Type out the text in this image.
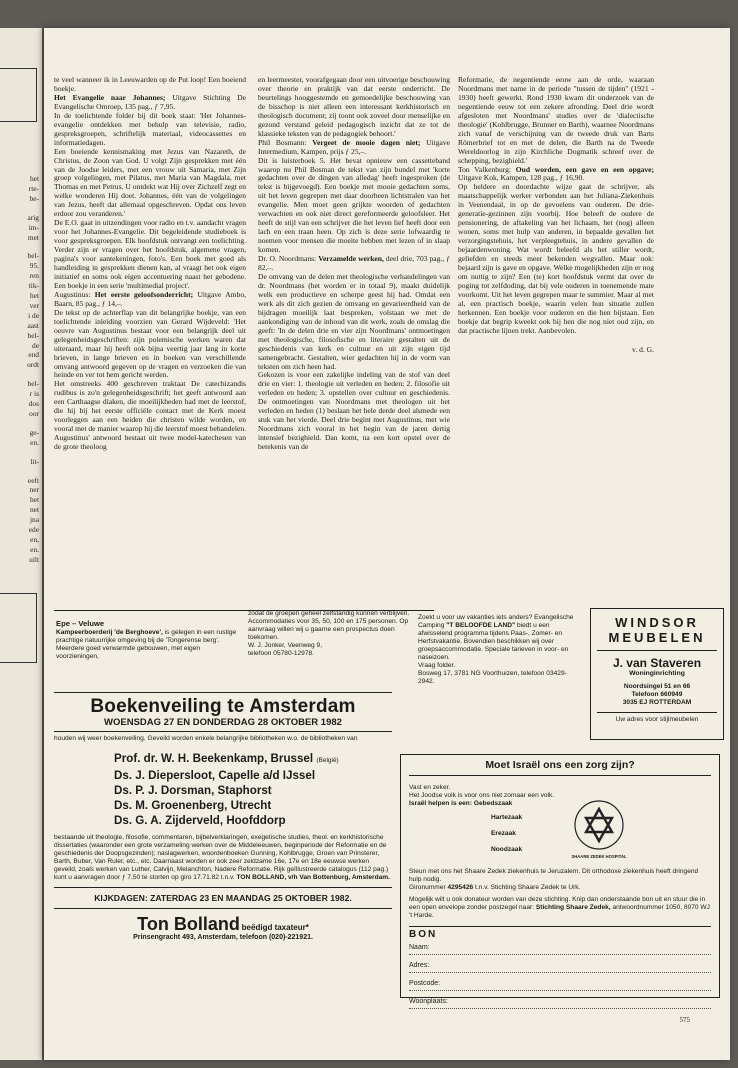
het
rte-
be-
arig
im-
met
bel-
95.
ren
tik-
het
ver
i de
aast
bel-
de
end
ordt
bel-
r is
dos
oor
ge-
en.
lit-
eeft
ner
het
net
jna
ede
en,
en.
uilt

te veel wanneer ik in Leeuwarden op de Put loop! Een boeiend boekje.

Het Evangelie naar Johannes; Uitgave Stichting De Evangelische Omroep, 135 pag., ƒ 7,95.

In de toelichtende folder bij dit boek staat: 'Het Johannes-evangelie ontdekken met behulp van televisie, radio, gespreksgroepen, schriftelijk materiaal, videocassettes en informatiedagen.

Een boeiende kennismaking met Jezus van Nazareth, de Christus, de Zoon van God. U volgt Zijn gesprekken met één van de Joodse leiders, met een vrouw uit Samaria, met Zijn groep volgelingen, met Pilatus, met Maria van Magdala, met Thomas en met Petrus. U ontdekt wat Hij over Zichzelf zegt en welke wonderen Hij doet. Johannes, één van de volgelingen van Jezus, heeft dat allemaal opgeschreven. Opdat ons leven erdoor zou veranderen.'

De E.O. gaat in uitzendingen voor radio en t.v. aandacht vragen voor het Johannes-Evangelie. Dit begeleidende studieboek is voor gespreksgroepen. Elk hoofdstuk ontvangt een toelichting. Verder zijn er vragen over het hoofdstuk, algemene vragen, pagina's voor aantekeningen, foto's. Een boek met goed als handleiding in gesprekken dienen kan, al vraagt het ook eigen initiatief en soms ook eigen accentuering naast het gebodene. Een boekje in een serie 'multimedial project'.

Augustinus: Het eerste geloofsonderricht; Uitgave Ambo, Baarn, 85 pag., ƒ 14,–.

De tekst op de achterflap van dit belangrijke boekje, van een toelichtende inleiding voorzien van Gerard Wijdeveld: 'Het oeuvre van Augustinus bestaat voor een belangrijk deel uit gelegenheidsgeschriften: zijn polemische werken waren dat uiteraard, maar hij heeft ook bijna veertig jaar lang in korte brieven, in lange brieven en in boeken van verschillende omvang antwoord gegeven op de vragen en verzoeken die van heinde en ver tot hem gericht werden.

Het omstreeks 400 geschreven traktaat De catechizandis rudibus is zo'n gelegenheidsgeschrift; het geeft antwoord aan een Carthaagse diaken, die moeilijkheden had met de leerstof, die hij bij het eerste officiële contact met de Kerk moest voorleggen aan een heiden die christen wilde worden, en vooral met de manier waarop hij die leerstof moest behandelen. Augustinus' antwoord bestaat uit twee model-katechesen van de grote theoloog

en leermeester, voorafgegaan door een uitvoerige beschouwing over theorie en praktijk van dat eerste onderricht. De beurtelings hooggestemde en gemoedelijke beschouwing van de bisschop is niet alleen een interessant kerkhistorisch en theologisch document; zij toont ook zoveel door menselijke en gezond verstand geleid pedagogisch inzicht dat ze tot de klassieke teksten van de pedagogiek behoort.'

Phil Bosmann: Vergeet de mooie dagen niet; Uitgave Intermedium, Kampen, prijs ƒ 25,–.

Dit is luisterboek 5. Het bevat opnieuw een cassetteband waarop nu Phil Bosman de tekst van zijn bundel met 'korte gedachten over de dingen van alledag' heeft ingesproken (de tekst is bijgevoegd). Een boekje met mooie gedachten soms, uit het leven gegrepen met daar doorheen lichtstralen van het evangelie. Men moet geen grijkte woorden of gedachten verwachten en ook niet direct gereformeerde geloofsleer. Het heeft de stijl van een schrijver die het leven lief heeft door een lach en een traan heen. Op zich is deze serie lofwaardig te noemen voor mensen die moeite hebben met lezen of in slaap komen.

Dr. O. Noordmans: Verzamelde werken, deel drie, 703 pag., ƒ 82,–.

De omvang van de delen met theologische verhandelingen van dr. Noordmans (het worden er in totaal 9), maakt duidelijk welk een productieve en scherpe geest hij had. Omdat een werk als dit zich gezien de omvang en gevarieerdheid van de bijdragen moeilijk laat bespreken, volstaan we met de aankondiging van de inhoud van dit werk, zoals de omslag die geeft: 'In de delen drie en vier zijn Noordmans' ontmoetingen met theologische, filosofische en literaire gestalten uit de geschiedenis van kerk en cultuur en uit zijn eigen tijd samengebracht. Gestalten, wier gedachten hij in de vorm van teksten om zich heen had.

Gekozen is voor een zakelijke indeling van de stof van deel drie en vier: 1. theologie uit verleden en heden; 2. filosofie uit verleden en heden; 3. opstellen over cultuur en geschiedenis. De ontmoetingen van Noordmans met theologen uit het verleden en heden (1) beslaan het hele derde deel alsmede een stuk van het vierde. Deel drie begint met Augustinus, met wie Noordmans zich vooral in het begin van de jaren dertig intensief bezighield. Dan komt, na een kort opstel over de betekenis van de

Reformatie, de negentiende eeuw aan de orde, waaraan Noordmans met name in de periode ''tussen de tijden'' (1921 - 1930) heeft gewerkt. Rond 1930 kwam dit onderzoek van de negentiende eeuw tot een zekere afronding. Deel drie wordt afgesloten met Noordmans' studies over de 'dialectische theologie' (Kohlbrugge, Brunner en Barth), waarnee Noordmans zich vanaf de verschijning van de tweede druk van Barts Römerbrief tot en met de delen, die Barth na de Tweede Wereldoorlog in zijn Kirchliche Dogmatik schreef over de schepping, bezighield.'

Ton Valkenburg: Oud worden, een gave en een opgave; Uitgave Kok, Kampen, 128 pag., ƒ 16,90.

Op heldere en doordachte wijze gaat de schrijver, als maatschappelijk werker verbonden aan het Juliana-Ziekenhuis in Veenendaal, in op de gevoelens van ouderen. De drie-generatie-gezinnen zijn voorbij. Hoe beleeft de oudere de pensionering, de aftakeling van het lichaam, het (nog) alleen wonen, soms met hulp van anderen, in bepaalde gevallen het verzorgingstehuis, het verpleegtehuis, in andere gevallen de bejaardenwoning. Wat wordt beleefd als het stiller wordt, geliefden en steeds meer bekenden wegvallen. Maar ook: bejaard zijn is gave en opgave. Welke mogelijkheden zijn er nog om nuttig te zijn? Een (te) kort hoofdstuk vermt dat over de poging tot zelfdoding, dat bij vele ouderen in toenemende mate voorkomt. Uit het leven gegrepen maar te summier. Maar al met al, een practisch boekje, waarin velen hun situatie zullen herkennen. Een boekje voor ouderen en die hen bijstaan. Een boekje dat begrip kweekt ook bij hen die nog niet oud zijn, en dat practische lijnen trekt. Aanbevolen.

v. d. G.

Epe – Veluwe
Kampeerboerderij 'de Berghoeve', is gelegen in een rustige prachtige natuurrijke omgeving bij de 'Tongerense berg'. Meerdere goed verwarmde gebouwen, met eigen voorzieningen,
zodat de groepen geheel zelfstandig kunnen verblijven. Accommodaties voor 35, 50, 100 en 175 personen. Op aanvraag willen wij u gaarne een prospectus doen toekomen.
W. J. Jonker, Veenweg 9,
telefoon 05780-12978.
Zoekt u voor uw vakanties iets anders? Evangelische Camping "T BELOOFDE LAND" biedt u een afwisselend programma tijdens Paas-, Zomer- en Herfstvakantie. Bovendien beschikken wij over groepsaccommodatie. Speciale tarieven in voor- en naseizoen.
Vraag folder.
Bosweg 17, 3781 NG Voorthuizen, telefoon 03429-2942.
WINDSOR
MEUBELEN
J. van Staveren
Woninginrichting
Noordsingel 51 en 66
Telefoon 660949
3035 EJ ROTTERDAM
Uw adres voor stijlmeubelen
Boekenveiling te Amsterdam
WOENSDAG 27 EN DONDERDAG 28 OKTOBER 1982
houden wij weer boekenveiling. Geveild worden enkele belangrijke bibliotheken w.o. de bibliotheken van

Prof. dr. W. H. Beekenkamp, Brussel (België)

Ds. J. Diepersloot, Capelle a/d IJssel

Ds. P. J. Dorsman, Staphorst

Ds. M. Groenenberg, Utrecht

Ds. G. A. Zijderveld, Hoofddorp

bestaande uit theologie, filosofie, commentaren, bijbelverklaringen, exegetische studies, theol. en kerkhistorische dissertaties (waaronder een grote verzameling werken over de Middeleeuwen, beginperiode der Reformatie en de geschiedenis der Doopsgezinden); naslagwerken, woordenboeken Gunning, Kohlbrugge, Groen van Prinsterer, Barth, Buber, Van Ruler, etc., etc. Daarnaast worden er ook zeer zeldzame 16e, 17e en 18e eeuwse werken geveild, zoals werken van Luther, Calvijn, Melanchton, Nadere Reformatie. Rijk geïllustreerde catalogus (112 pag.) kunt u aanvragen door ƒ 7,50 te storten op giro 17.71.82 t.n.v. TON BOLLAND, v/h Van Bottenburg, Amsterdam.
KIJKDAGEN: ZATERDAG 23 EN MAANDAG 25 OKTOBER 1982.
Ton Bolland beëdigd taxateur*
Prinsengracht 493, Amsterdam, telefoon (020)-221921.
Moet Israël ons een zorg zijn?
Vast en zeker.
Het Joodse volk is voor ons niet zomaar een volk.
Israël helpen is een: Gebedszaak
Hartezaak
Erezaak
Noodzaak
SHAARE ZEDEK HOSPITAL
Steun met ons het Shaare Zedek ziekenhuis te Jeruzalem. Dit orthodoxe ziekenhuis heeft dringend hulp nodig.
Gironummer 4295426 t.n.v. Stichting Shaare Zedek te Urk.
Mogelijk wilt u ook donateur worden van deze stichting. Knip dan onderstaande bon uit en stuur die in een open envelope zonder postzegel naar: Stichting Shaare Zedek, antwoordnummer 1050, 8070 WJ 't Harde.
BON
Naam:
Adres:
Postcode:
Woonplaats:
575
